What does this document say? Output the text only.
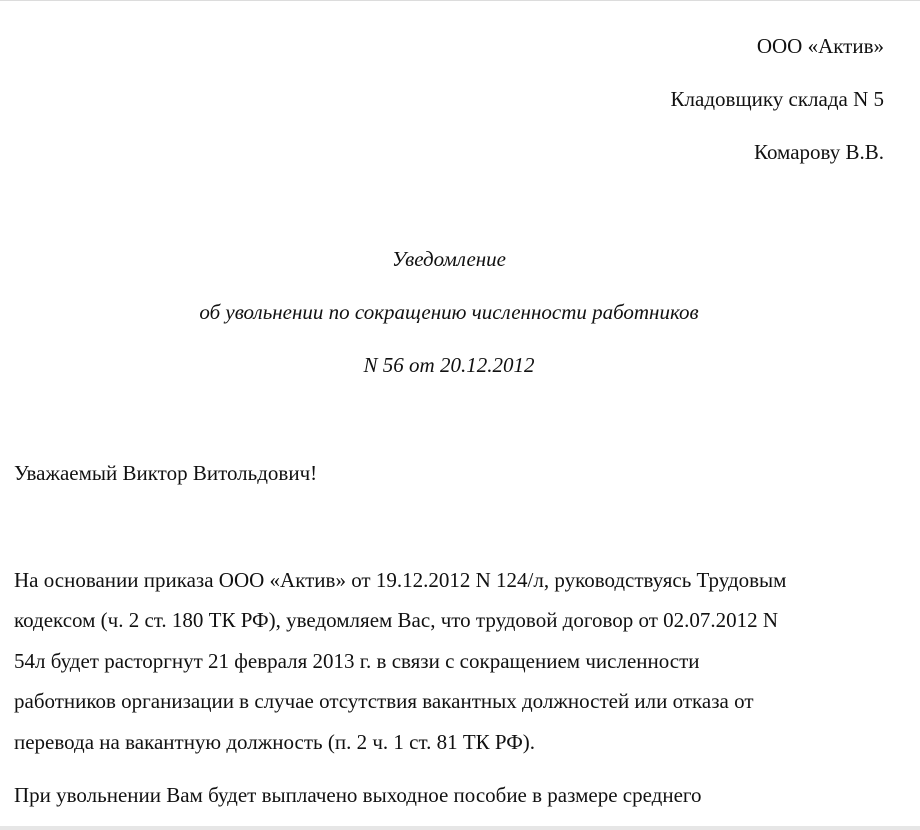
ООО «Актив»
Кладовщику склада N 5
Комарову В.В.
Уведомление
об увольнении по сокращению численности работников
N 56 от 20.12.2012
Уважаемый Виктор Витольдович!
На основании приказа ООО «Актив» от 19.12.2012 N 124/л, руководствуясь Трудовым
кодексом (ч. 2 ст. 180 ТК РФ), уведомляем Вас, что трудовой договор от 02.07.2012 N
54л будет расторгнут 21 февраля 2013 г. в связи с сокращением численности
работников организации в случае отсутствия вакантных должностей или отказа от
перевода на вакантную должность (п. 2 ч. 1 ст. 81 ТК РФ).
При увольнении Вам будет выплачено выходное пособие в размере среднего
